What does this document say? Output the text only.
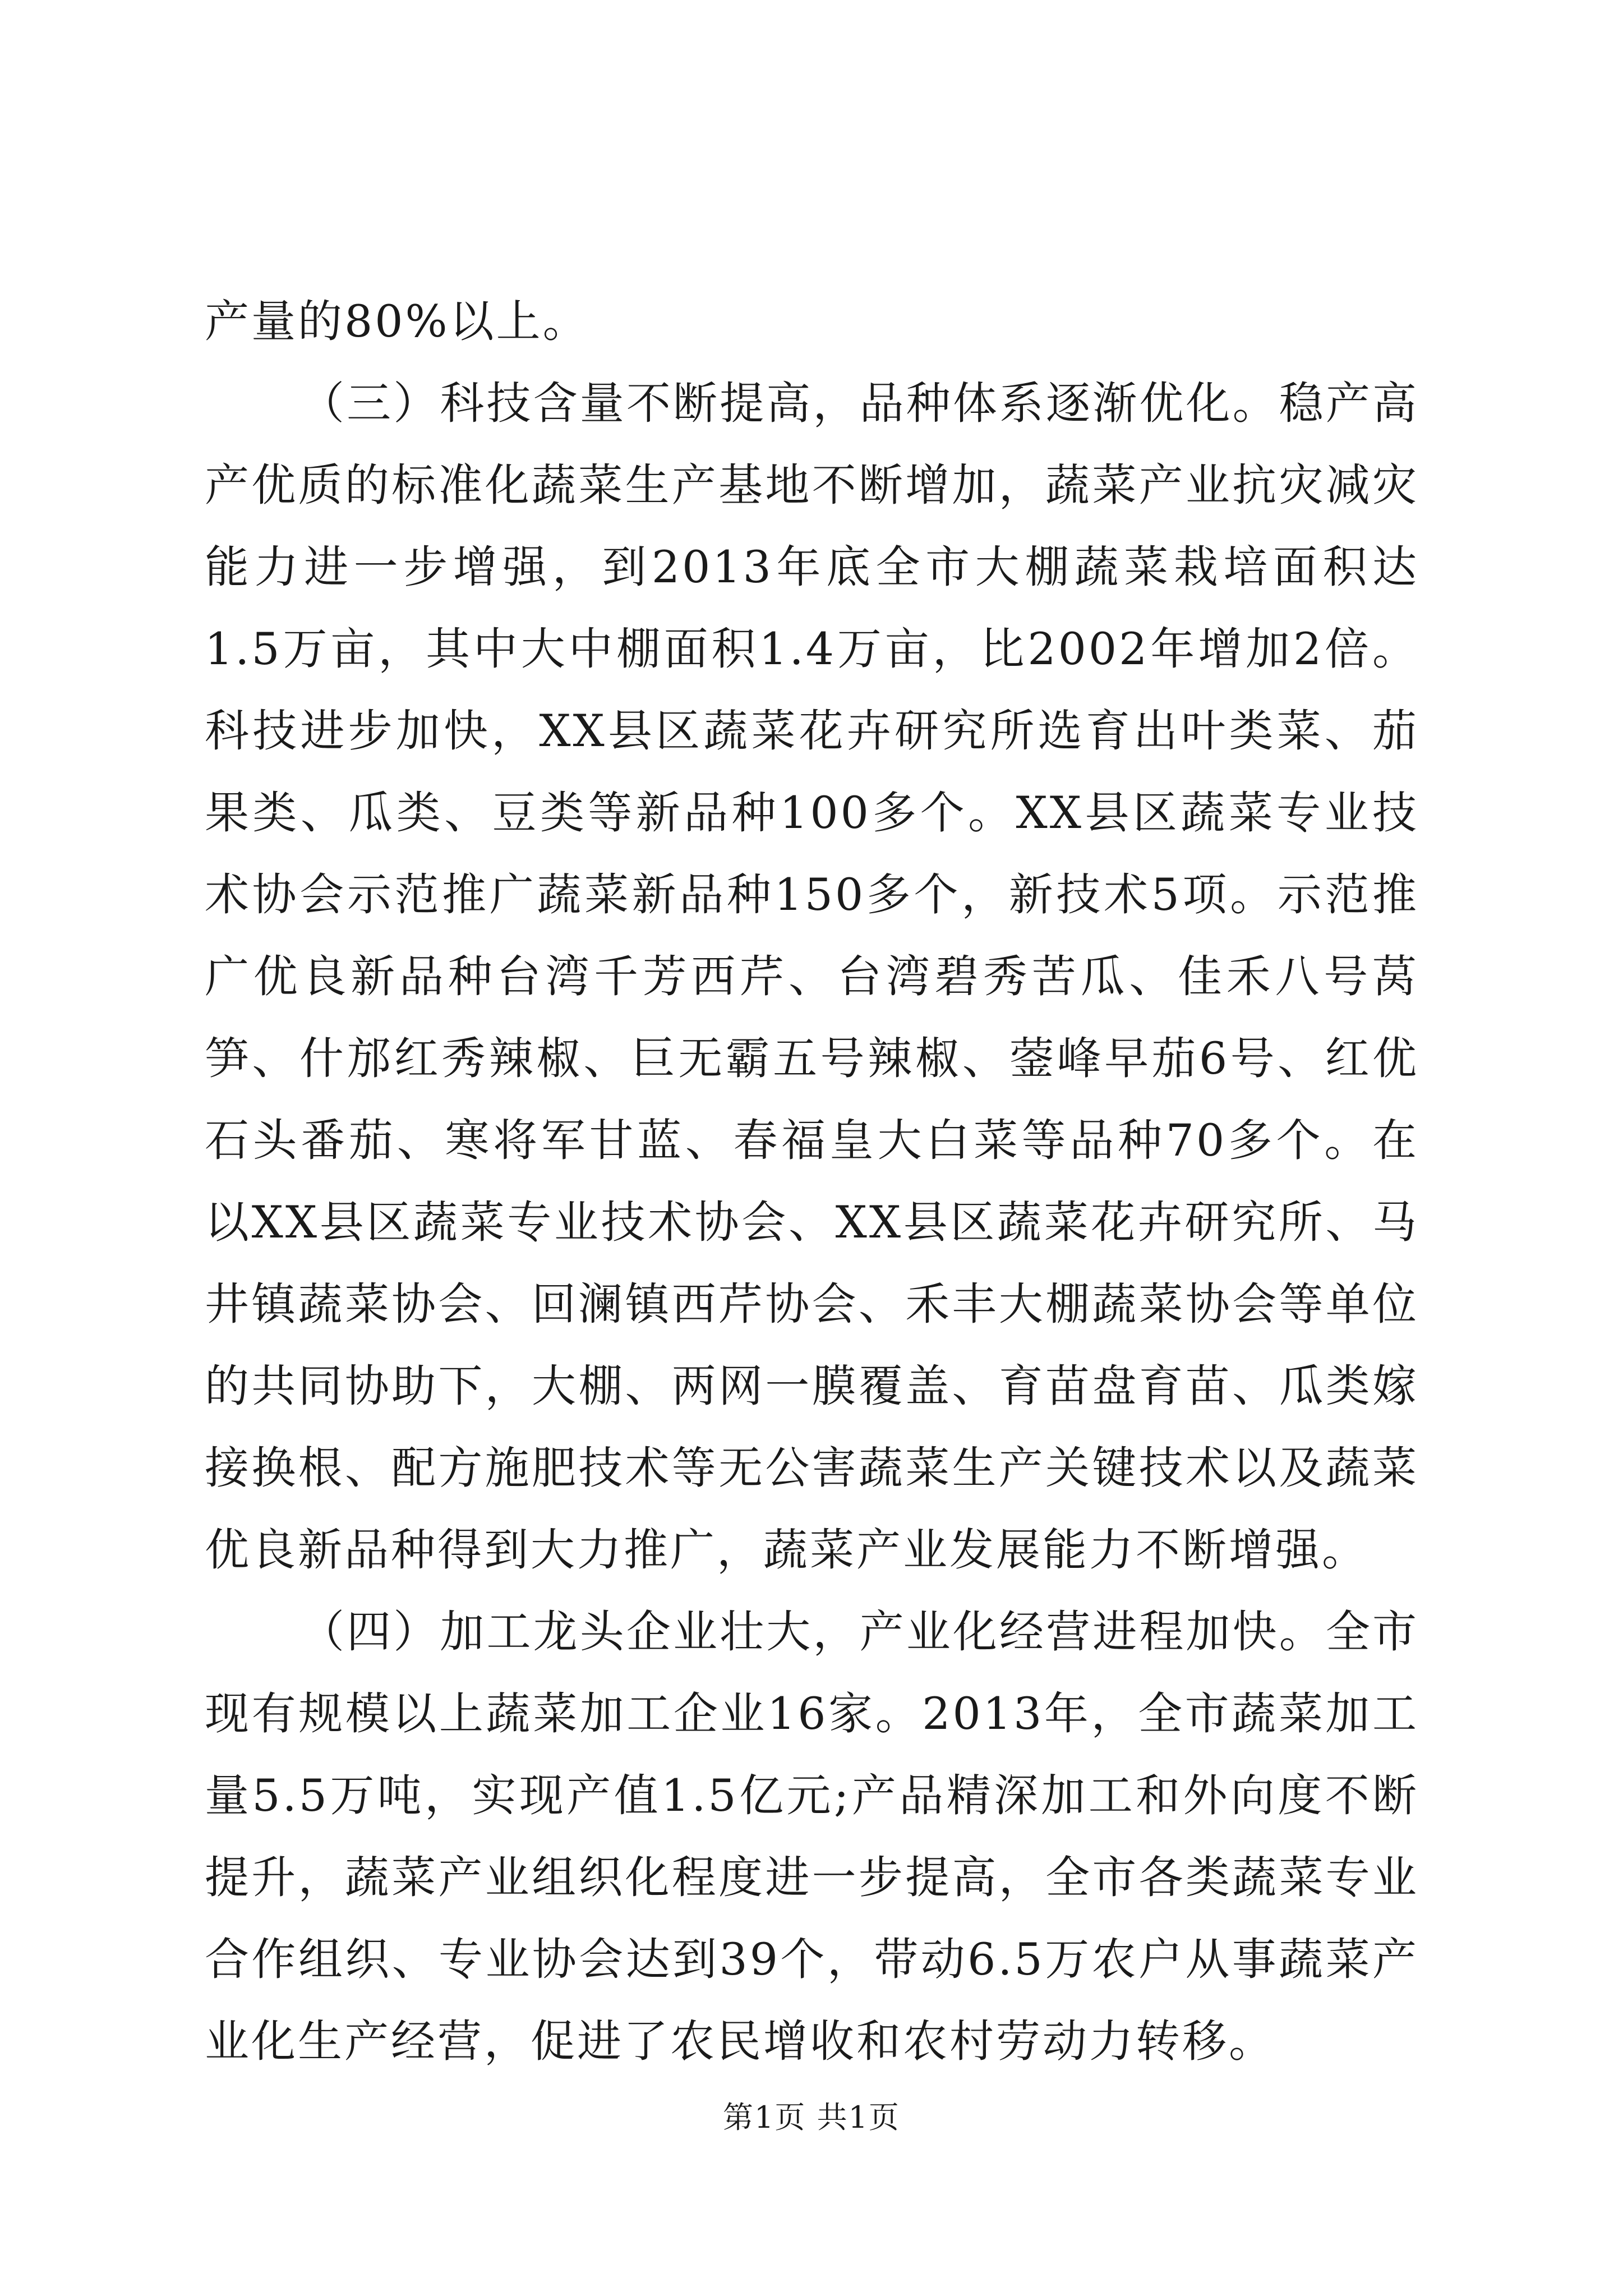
产量的80%以上。

（三）科技含量不断提高，品种体系逐渐优化。稳产高产优质的标准化蔬菜生产基地不断增加，蔬菜产业抗灾减灾能力进一步增强，到2013年底全市大棚蔬菜栽培面积达1.5万亩，其中大中棚面积1.4万亩，比2002年增加2倍。科技进步加快，XX县区蔬菜花卉研究所选育出叶类菜、茄果类、瓜类、豆类等新品种100多个。XX县区蔬菜专业技术协会示范推广蔬菜新品种150多个，新技术5项。示范推广优良新品种台湾千芳西芹、台湾碧秀苦瓜、佳禾八号莴笋、什邡红秀辣椒、巨无霸五号辣椒、蓥峰早茄6号、红优石头番茄、寒将军甘蓝、春福皇大白菜等品种70多个。在以XX县区蔬菜专业技术协会、XX县区蔬菜花卉研究所、马井镇蔬菜协会、回澜镇西芹协会、禾丰大棚蔬菜协会等单位的共同协助下，大棚、两网一膜覆盖、育苗盘育苗、瓜类嫁接换根、配方施肥技术等无公害蔬菜生产关键技术以及蔬菜优良新品种得到大力推广，蔬菜产业发展能力不断增强。

（四）加工龙头企业壮大，产业化经营进程加快。全市现有规模以上蔬菜加工企业16家。2013年，全市蔬菜加工量5.5万吨，实现产值1.5亿元;产品精深加工和外向度不断提升，蔬菜产业组织化程度进一步提高，全市各类蔬菜专业合作组织、专业协会达到39个，带动6.5万农户从事蔬菜产业化生产经营，促进了农民增收和农村劳动力转移。

第1页 共1页
